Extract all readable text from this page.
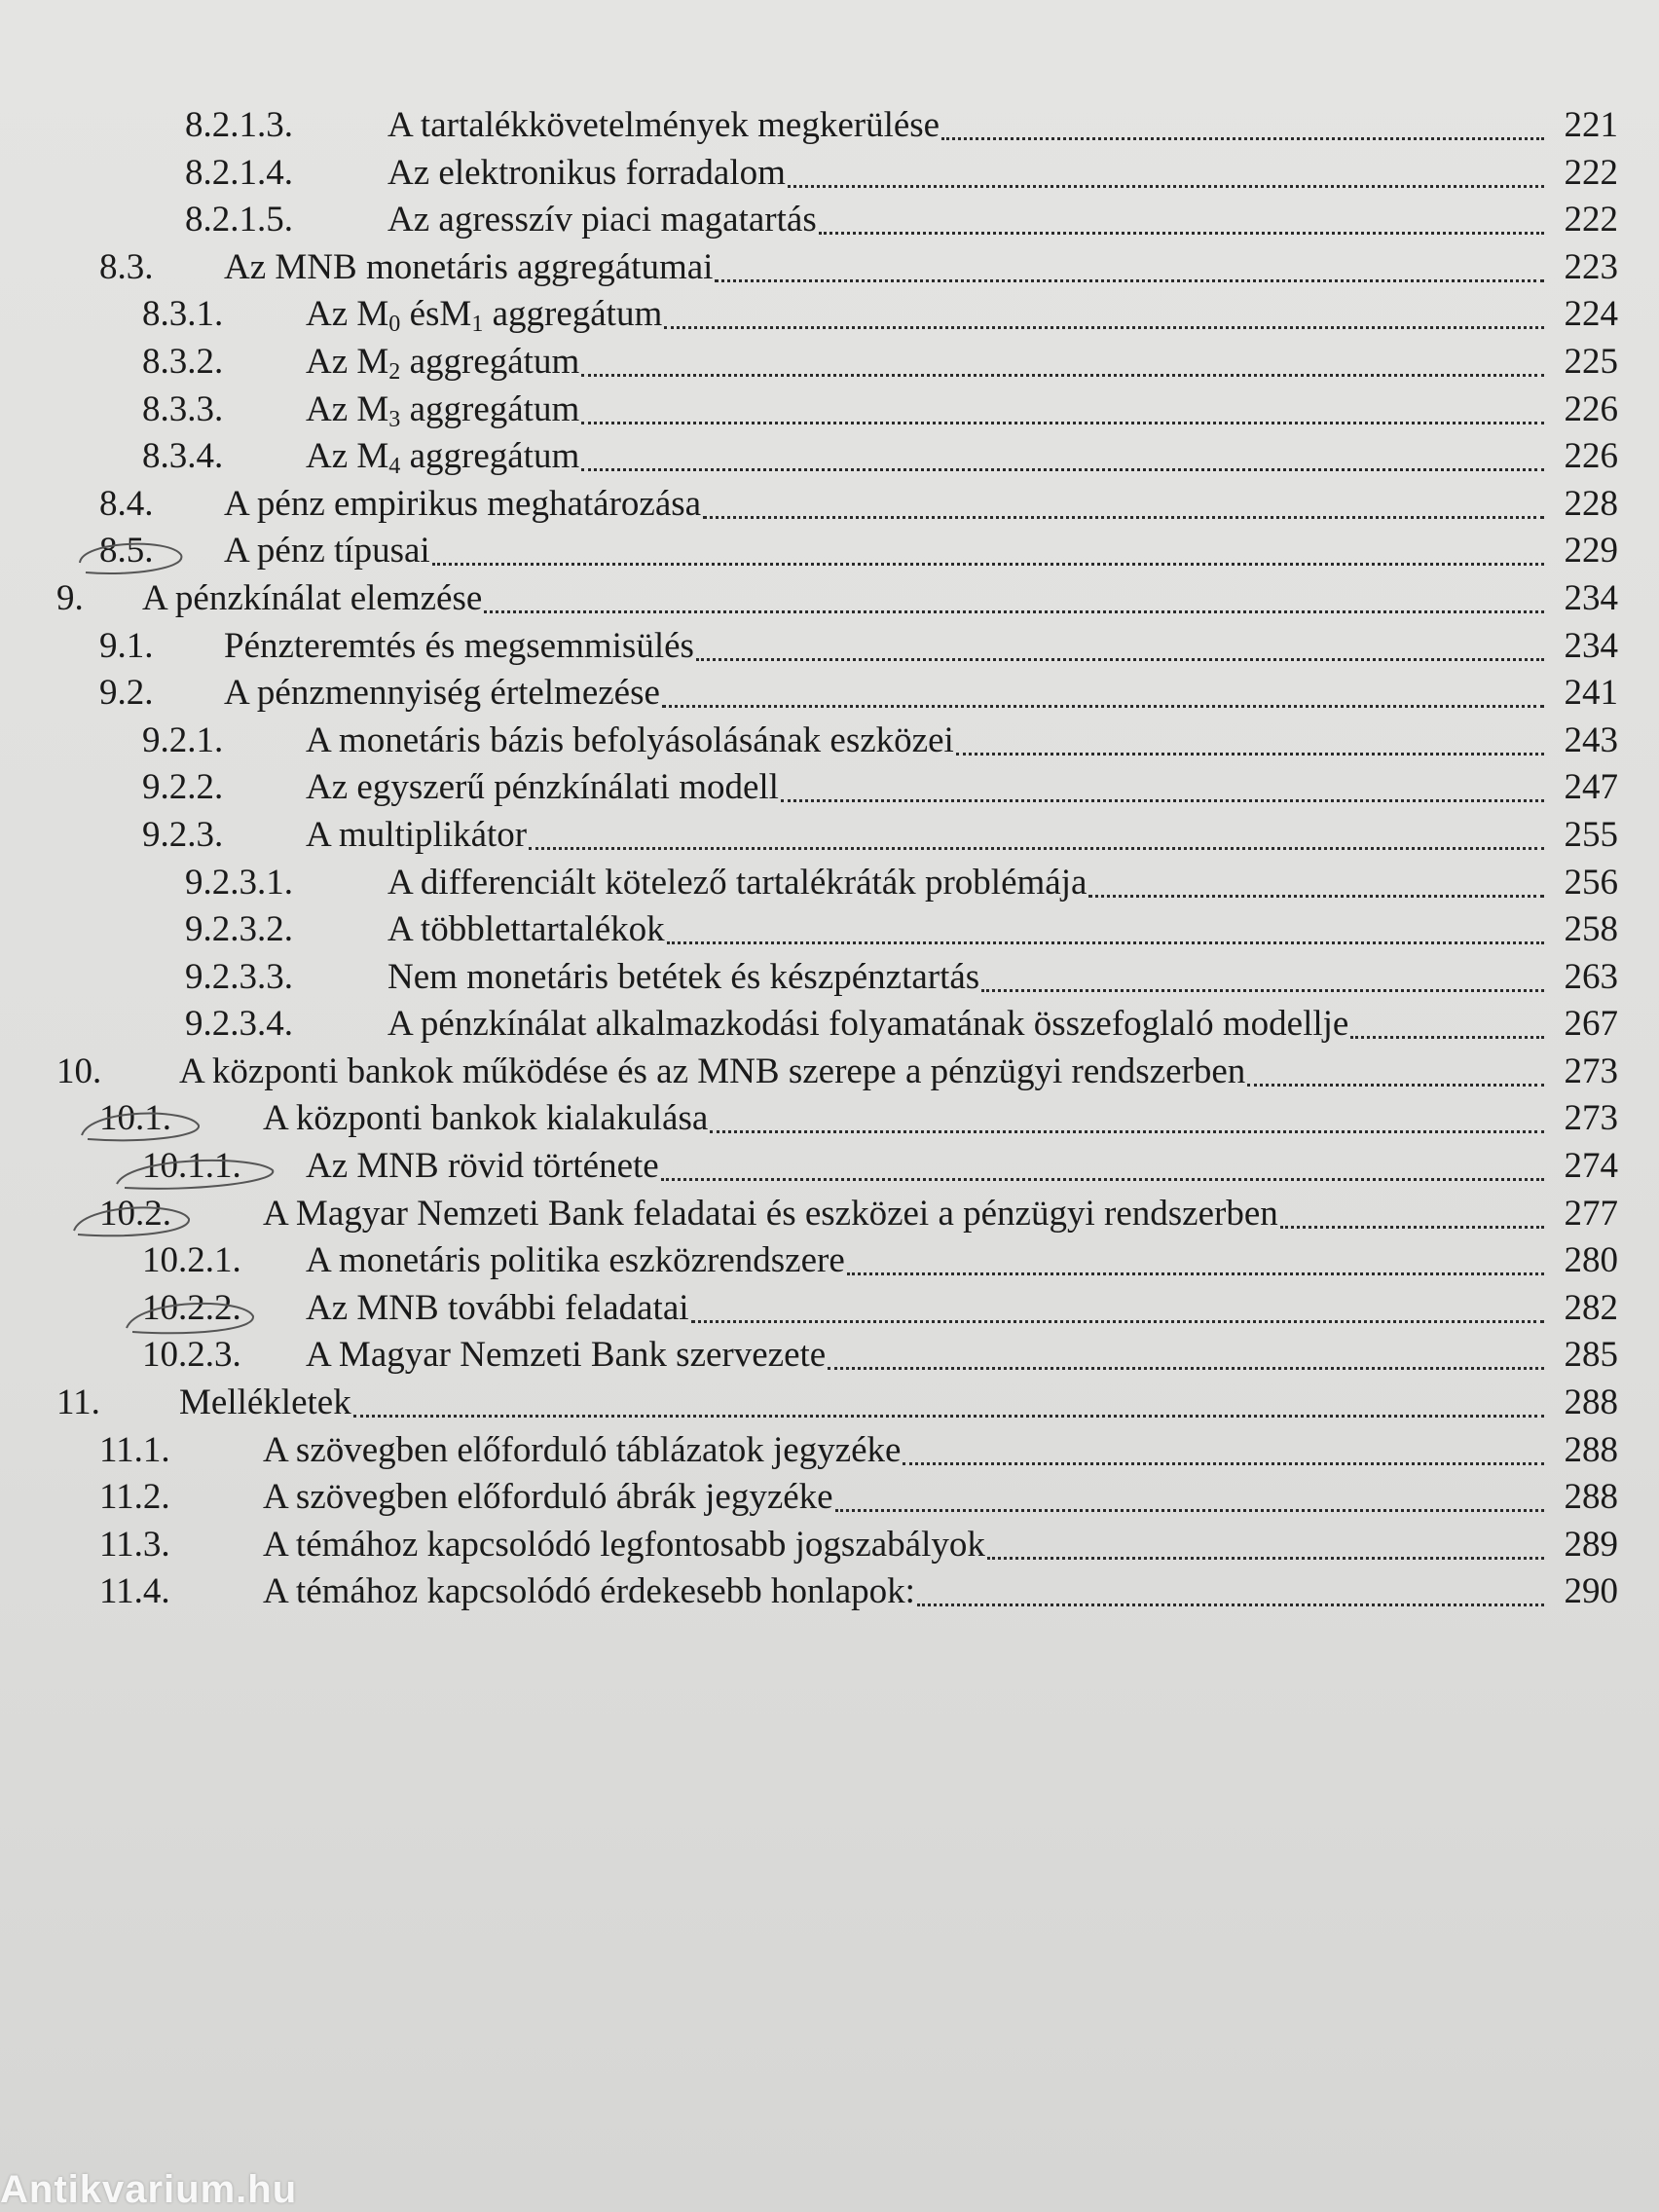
8.2.1.3.	A tartalékkövetelmények megkerülése	221
8.2.1.4.	Az elektronikus forradalom	222
8.2.1.5.	Az agresszív piaci magatartás	222
8.3. Az MNB monetáris aggregátumai	223
8.3.1. Az $M_0$ ésM$_1$ aggregátum	224
8.3.2. Az $M_2$ aggregátum	225
8.3.3. Az $M_3$ aggregátum	226
8.3.4. Az $M_4$ aggregátum	226
8.4. A pénz empirikus meghatározása	228
8.5. A pénz típusai	229
9. A pénzkínálat elemzése	234
9.1. Pénzteremtés és megsemmisülés	234
9.2. A pénzmennyiség értelmezése	241
9.2.1. A monetáris bázis befolyásolásának eszközei	243
9.2.2. Az egyszerű pénzkínálati modell	247
9.2.3. A multiplikátor	255
9.2.3.1.	A differenciált kötelező tartalékráták problémája	256
9.2.3.2.	A többlettartalékok	258
9.2.3.3.	Nem monetáris betétek és készpénztartás	263
9.2.3.4.	A pénzkínálat alkalmazkodási folyamatának összefoglaló modellje	267
10. A központi bankok működése és az MNB szerepe a pénzügyi rendszerben	273
10.1.	A központi bankok kialakulása	273
10.1.1. Az MNB rövid története	274
10.2.	A Magyar Nemzeti Bank feladatai és eszközei a pénzügyi rendszerben	277
10.2.1. A monetáris politika eszközrendszere	280
10.2.2. Az MNB további feladatai	282
10.2.3. A Magyar Nemzeti Bank szervezete	285
11. Mellékletek	288
11.1.	A szövegben előforduló táblázatok jegyzéke	288
11.2.	A szövegben előforduló ábrák jegyzéke	288
11.3.	A témához kapcsolódó legfontosabb jogszabályok	289
11.4.	A témához kapcsolódó érdekesebb honlapok:	290
Antikvarium.hu
